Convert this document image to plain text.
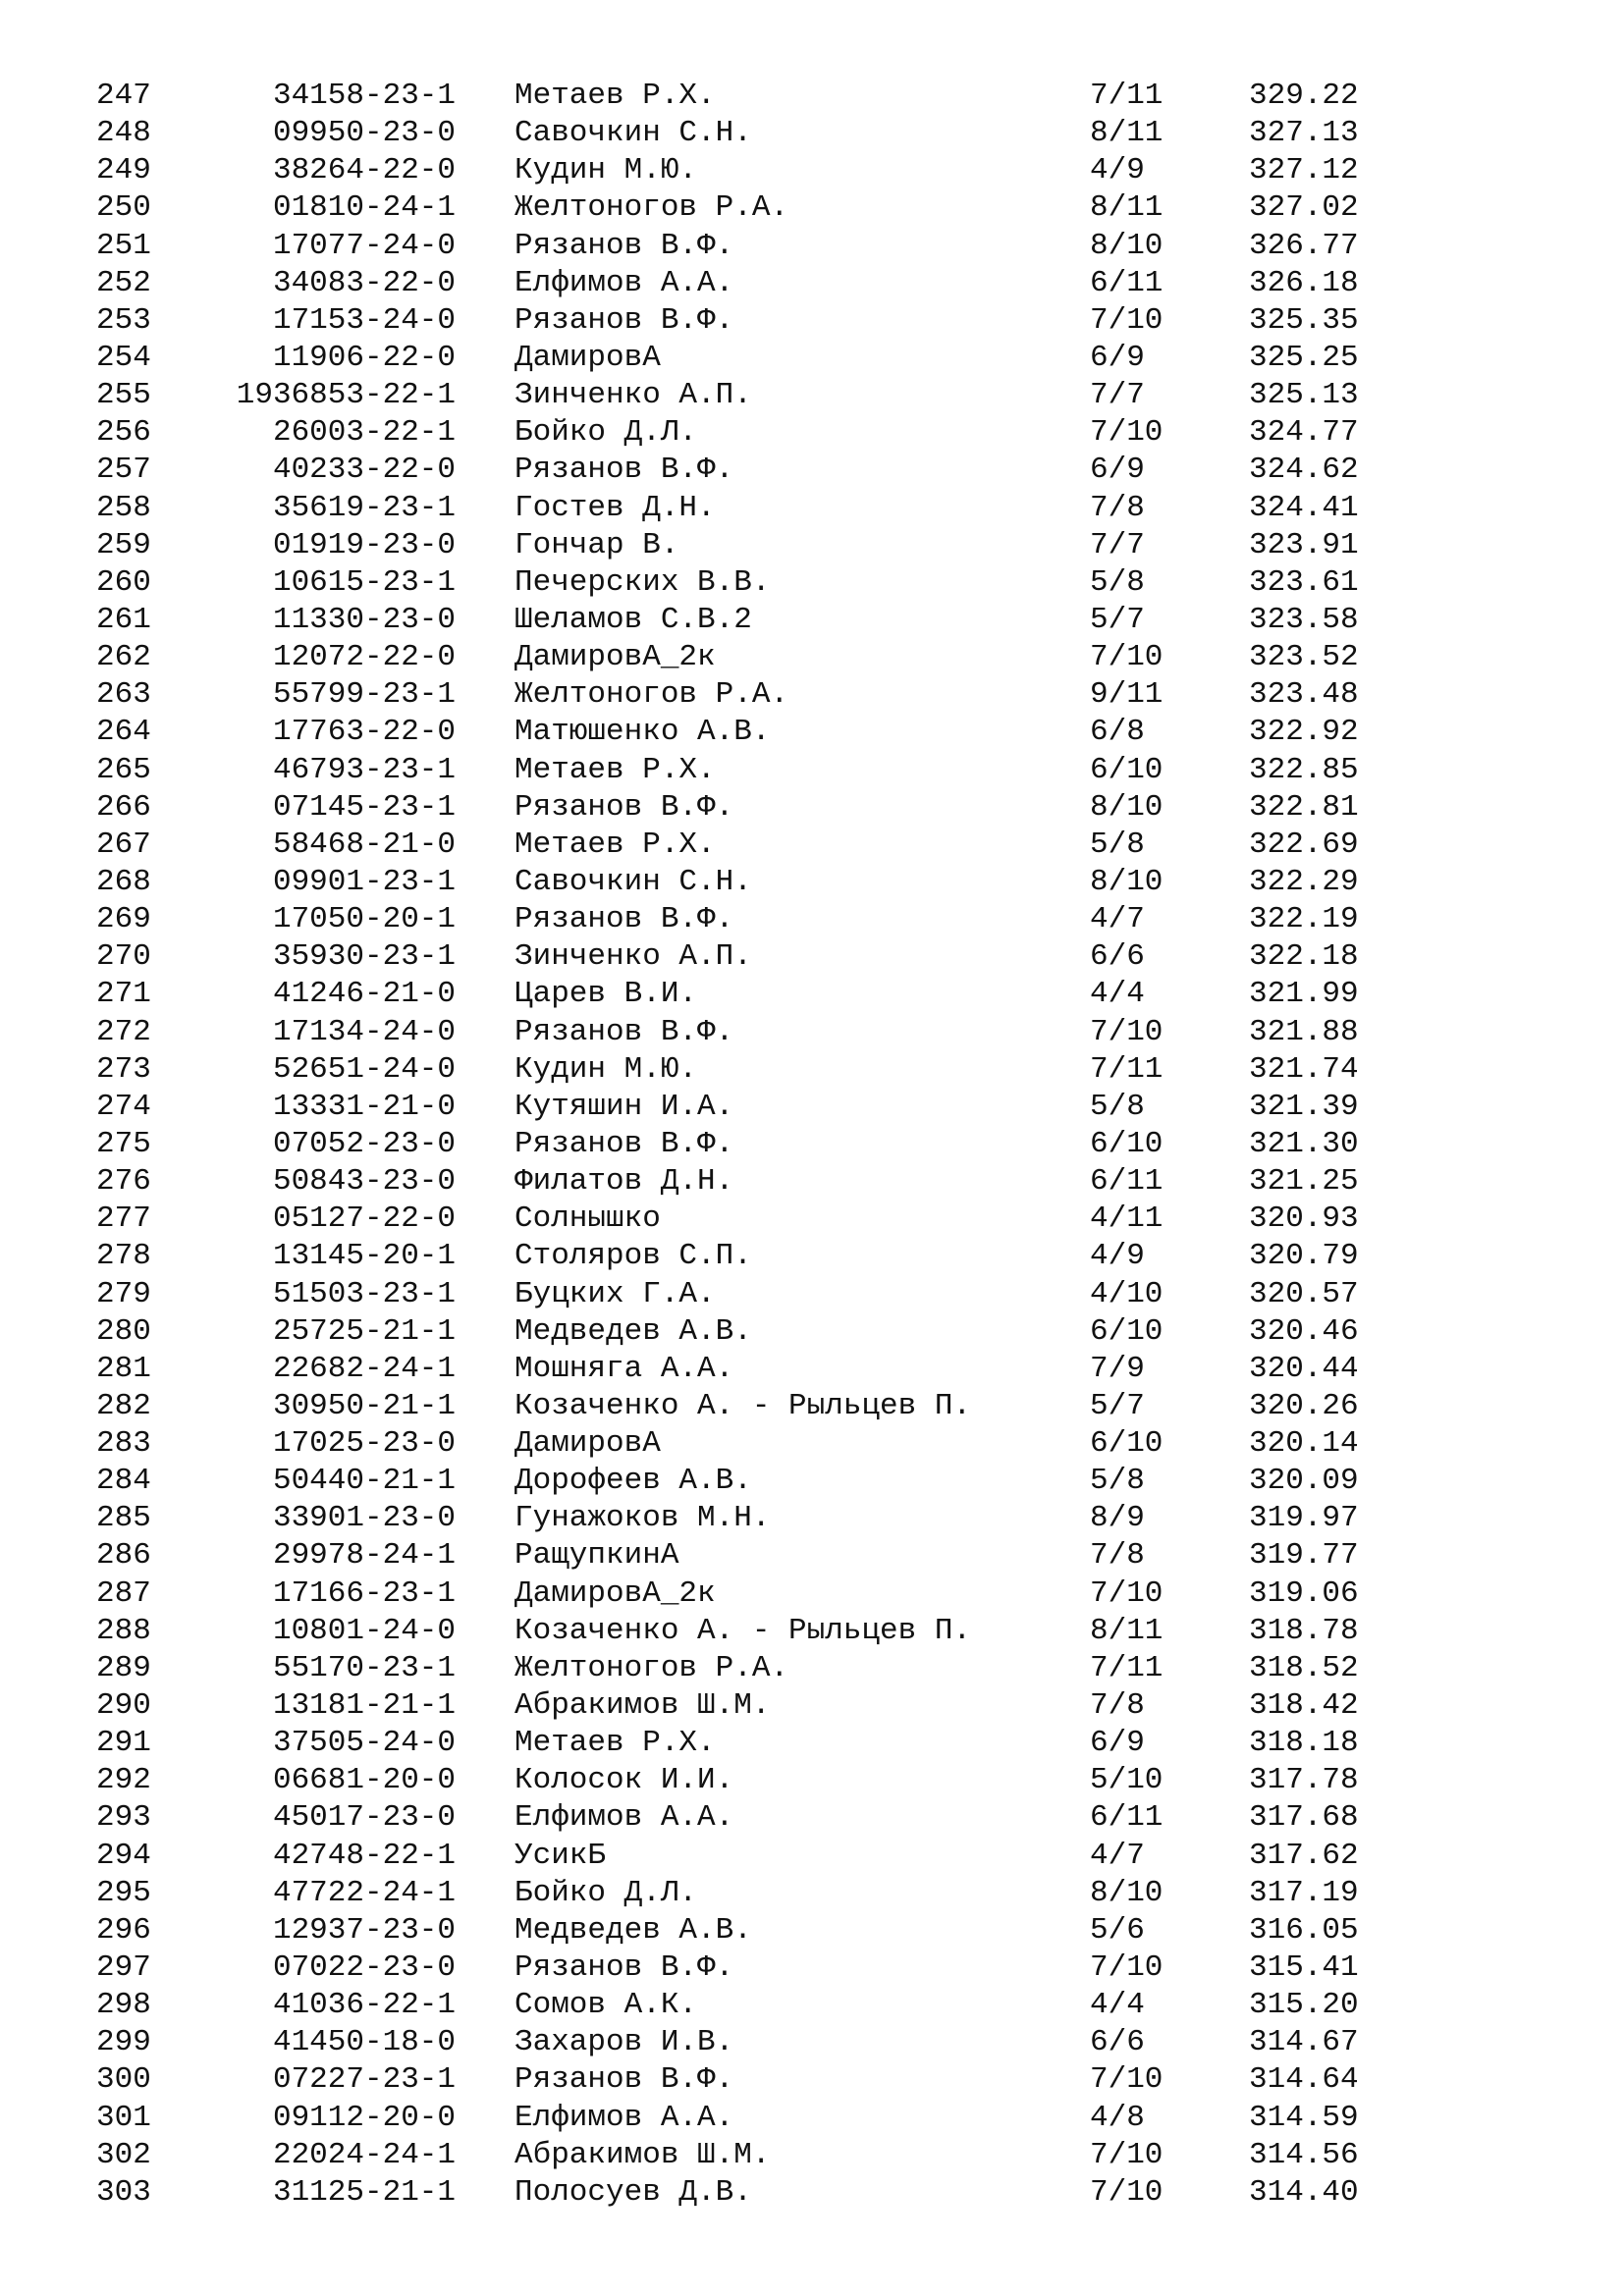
247	34158-23-1 Метаев Р.Х.	7/11	329.22
248	09950-23-0 Савочкин С.Н.	8/11	327.13
249	38264-22-0 Кудин М.Ю.	4/9	327.12
250	01810-24-1 Желтоногов Р.А.	8/11	327.02
251	17077-24-0 Рязанов В.Ф.	8/10	326.77
252	34083-22-0 Елфимов А.А.	6/11	326.18
253	17153-24-0 Рязанов В.Ф.	7/10	325.35
254	11906-22-0 ДамировА	6/9	325.25
255	1936853-22-1 Зинченко А.П.	7/7	325.13
256	26003-22-1 Бойко Д.Л.	7/10	324.77
257	40233-22-0 Рязанов В.Ф.	6/9	324.62
258	35619-23-1 Гостев Д.Н.	7/8	324.41
259	01919-23-0 Гончар В.	7/7	323.91
260	10615-23-1 Печерских В.В.	5/8	323.61
261	11330-23-0 Шеламов С.В.2	5/7	323.58
262	12072-22-0 ДамировА_2к	7/10	323.52
263	55799-23-1 Желтоногов Р.А.	9/11	323.48
264	17763-22-0 Матюшенко А.В.	6/8	322.92
265	46793-23-1 Метаев Р.Х.	6/10	322.85
266	07145-23-1 Рязанов В.Ф.	8/10	322.81
267	58468-21-0 Метаев Р.Х.	5/8	322.69
268	09901-23-1 Савочкин С.Н.	8/10	322.29
269	17050-20-1 Рязанов В.Ф.	4/7	322.19
270	35930-23-1 Зинченко А.П.	6/6	322.18
271	41246-21-0 Царев В.И.	4/4	321.99
272	17134-24-0 Рязанов В.Ф.	7/10	321.88
273	52651-24-0 Кудин М.Ю.	7/11	321.74
274	13331-21-0 Кутяшин И.А.	5/8	321.39
275	07052-23-0 Рязанов В.Ф.	6/10	321.30
276	50843-23-0 Филатов Д.Н.	6/11	321.25
277	05127-22-0 Солнышко	4/11	320.93
278	13145-20-1 Столяров С.П.	4/9	320.79
279	51503-23-1 Буцких Г.А.	4/10	320.57
280	25725-21-1 Медведев А.В.	6/10	320.46
281	22682-24-1 Мошняга А.А.	7/9	320.44
282	30950-21-1 Козаченко А. - Рыльцев П.	5/7	320.26
283	17025-23-0 ДамировА	6/10	320.14
284	50440-21-1 Дорофеев А.В.	5/8	320.09
285	33901-23-0 Гунажоков М.Н.	8/9	319.97
286	29978-24-1 РащупкинА	7/8	319.77
287	17166-23-1 ДамировА_2к	7/10	319.06
288	10801-24-0 Козаченко А. - Рыльцев П.	8/11	318.78
289	55170-23-1 Желтоногов Р.А.	7/11	318.52
290	13181-21-1 Абракимов Ш.М.	7/8	318.42
291	37505-24-0 Метаев Р.Х.	6/9	318.18
292	06681-20-0 Колосок И.И.	5/10	317.78
293	45017-23-0 Елфимов А.А.	6/11	317.68
294	42748-22-1 УсикБ	4/7	317.62
295	47722-24-1 Бойко Д.Л.	8/10	317.19
296	12937-23-0 Медведев А.В.	5/6	316.05
297	07022-23-0 Рязанов В.Ф.	7/10	315.41
298	41036-22-1 Сомов А.К.	4/4	315.20
299	41450-18-0 Захаров И.В.	6/6	314.67
300	07227-23-1 Рязанов В.Ф.	7/10	314.64
301	09112-20-0 Елфимов А.А.	4/8	314.59
302	22024-24-1 Абракимов Ш.М.	7/10	314.56
303	31125-21-1 Полосуев Д.В.	7/10	314.40
